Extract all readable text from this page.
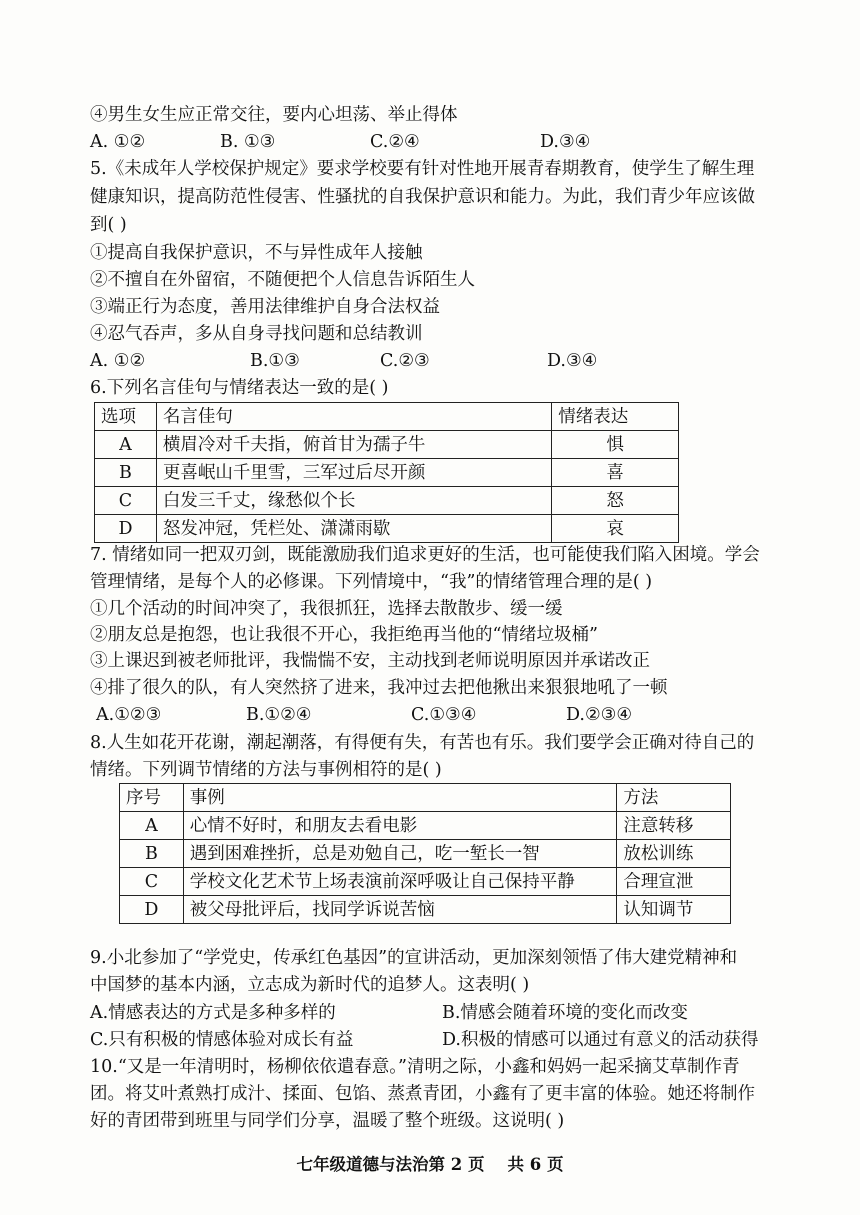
④男生女生应正常交往，要内心坦荡、举止得体
A. ①②	B. ①③	C.②④	D.③④
5.《未成年人学校保护规定》要求学校要有针对性地开展青春期教育，使学生了解生理
健康知识，提高防范性侵害、性骚扰的自我保护意识和能力。为此，我们青少年应该做
到( )
①提高自我保护意识，不与异性成年人接触
②不擅自在外留宿，不随便把个人信息告诉陌生人
③端正行为态度，善用法律维护自身合法权益
④忍气吞声，多从自身寻找问题和总结教训
A. ①②	B.①③	C.②③	D.③④
6.下列名言佳句与情绪表达一致的是( )
选项	名言佳句	情绪表达
A	横眉冷对千夫指，俯首甘为孺子牛	惧
B	更喜岷山千里雪，三军过后尽开颜	喜
C	白发三千丈，缘愁似个长	怒
D	怒发冲冠，凭栏处、潇潇雨歇	哀
7. 情绪如同一把双刃剑，既能激励我们追求更好的生活，也可能使我们陷入困境。学会
管理情绪，是每个人的必修课。下列情境中，“我”的情绪管理合理的是( )
①几个活动的时间冲突了，我很抓狂，选择去散散步、缓一缓
②朋友总是抱怨，也让我很不开心，我拒绝再当他的“情绪垃圾桶”
③上课迟到被老师批评，我惴惴不安，主动找到老师说明原因并承诺改正
④排了很久的队，有人突然挤了进来，我冲过去把他揪出来狠狠地吼了一顿
A.①②③	B.①②④	C.①③④	D.②③④
8.人生如花开花谢，潮起潮落，有得便有失，有苦也有乐。我们要学会正确对待自己的
情绪。下列调节情绪的方法与事例相符的是( )
序号	事例	方法
A	心情不好时，和朋友去看电影	注意转移
B	遇到困难挫折，总是劝勉自己，吃一堑长一智	放松训练
C	学校文化艺术节上场表演前深呼吸让自己保持平静	合理宣泄
D	被父母批评后，找同学诉说苦恼	认知调节
9.小北参加了“学党史，传承红色基因”的宣讲活动，更加深刻领悟了伟大建党精神和
中国梦的基本内涵，立志成为新时代的追梦人。这表明( )
A.情感表达的方式是多种多样的	B.情感会随着环境的变化而改变
C.只有积极的情感体验对成长有益	D.积极的情感可以通过有意义的活动获得
10.“又是一年清明时，杨柳依依遣春意。”清明之际，小鑫和妈妈一起采摘艾草制作青
团。将艾叶煮熟打成汁、揉面、包馅、蒸煮青团，小鑫有了更丰富的体验。她还将制作
好的青团带到班里与同学们分享，温暖了整个班级。这说明( )
七年级道德与法治第 2 页    共 6 页
